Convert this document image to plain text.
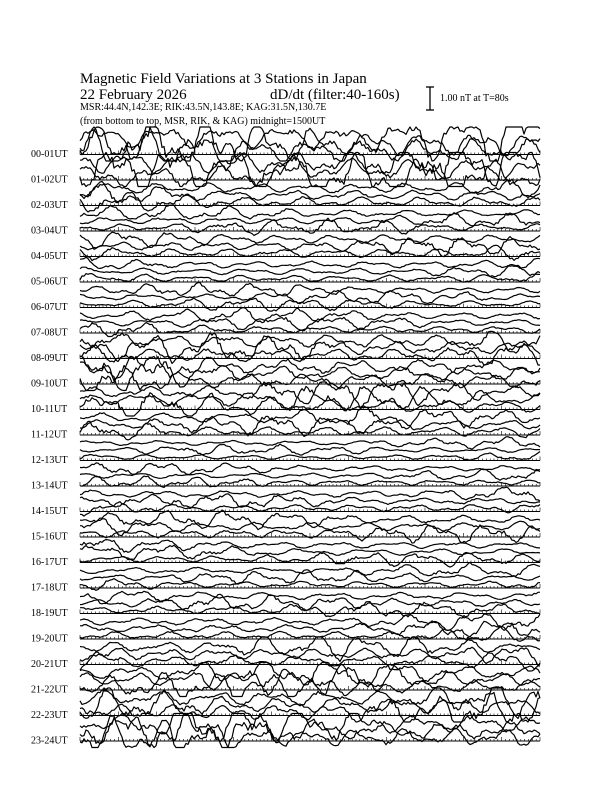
Magnetic Field Variations at 3 Stations in Japan
22 February 2026	dD/dt (filter:40-160s)
MSR:44.4N,142.3E; RIK:43.5N,143.8E; KAG:31.5N,130.7E
(from bottom to top, MSR, RIK, & KAG) midnight=1500UT
1.00 nT at T=80s
00-01UT
01-02UT
02-03UT
03-04UT
04-05UT
05-06UT
06-07UT
07-08UT
08-09UT
09-10UT
10-11UT
11-12UT
12-13UT
13-14UT
14-15UT
15-16UT
16-17UT
17-18UT
18-19UT
19-20UT
20-21UT
21-22UT
22-23UT
23-24UT
